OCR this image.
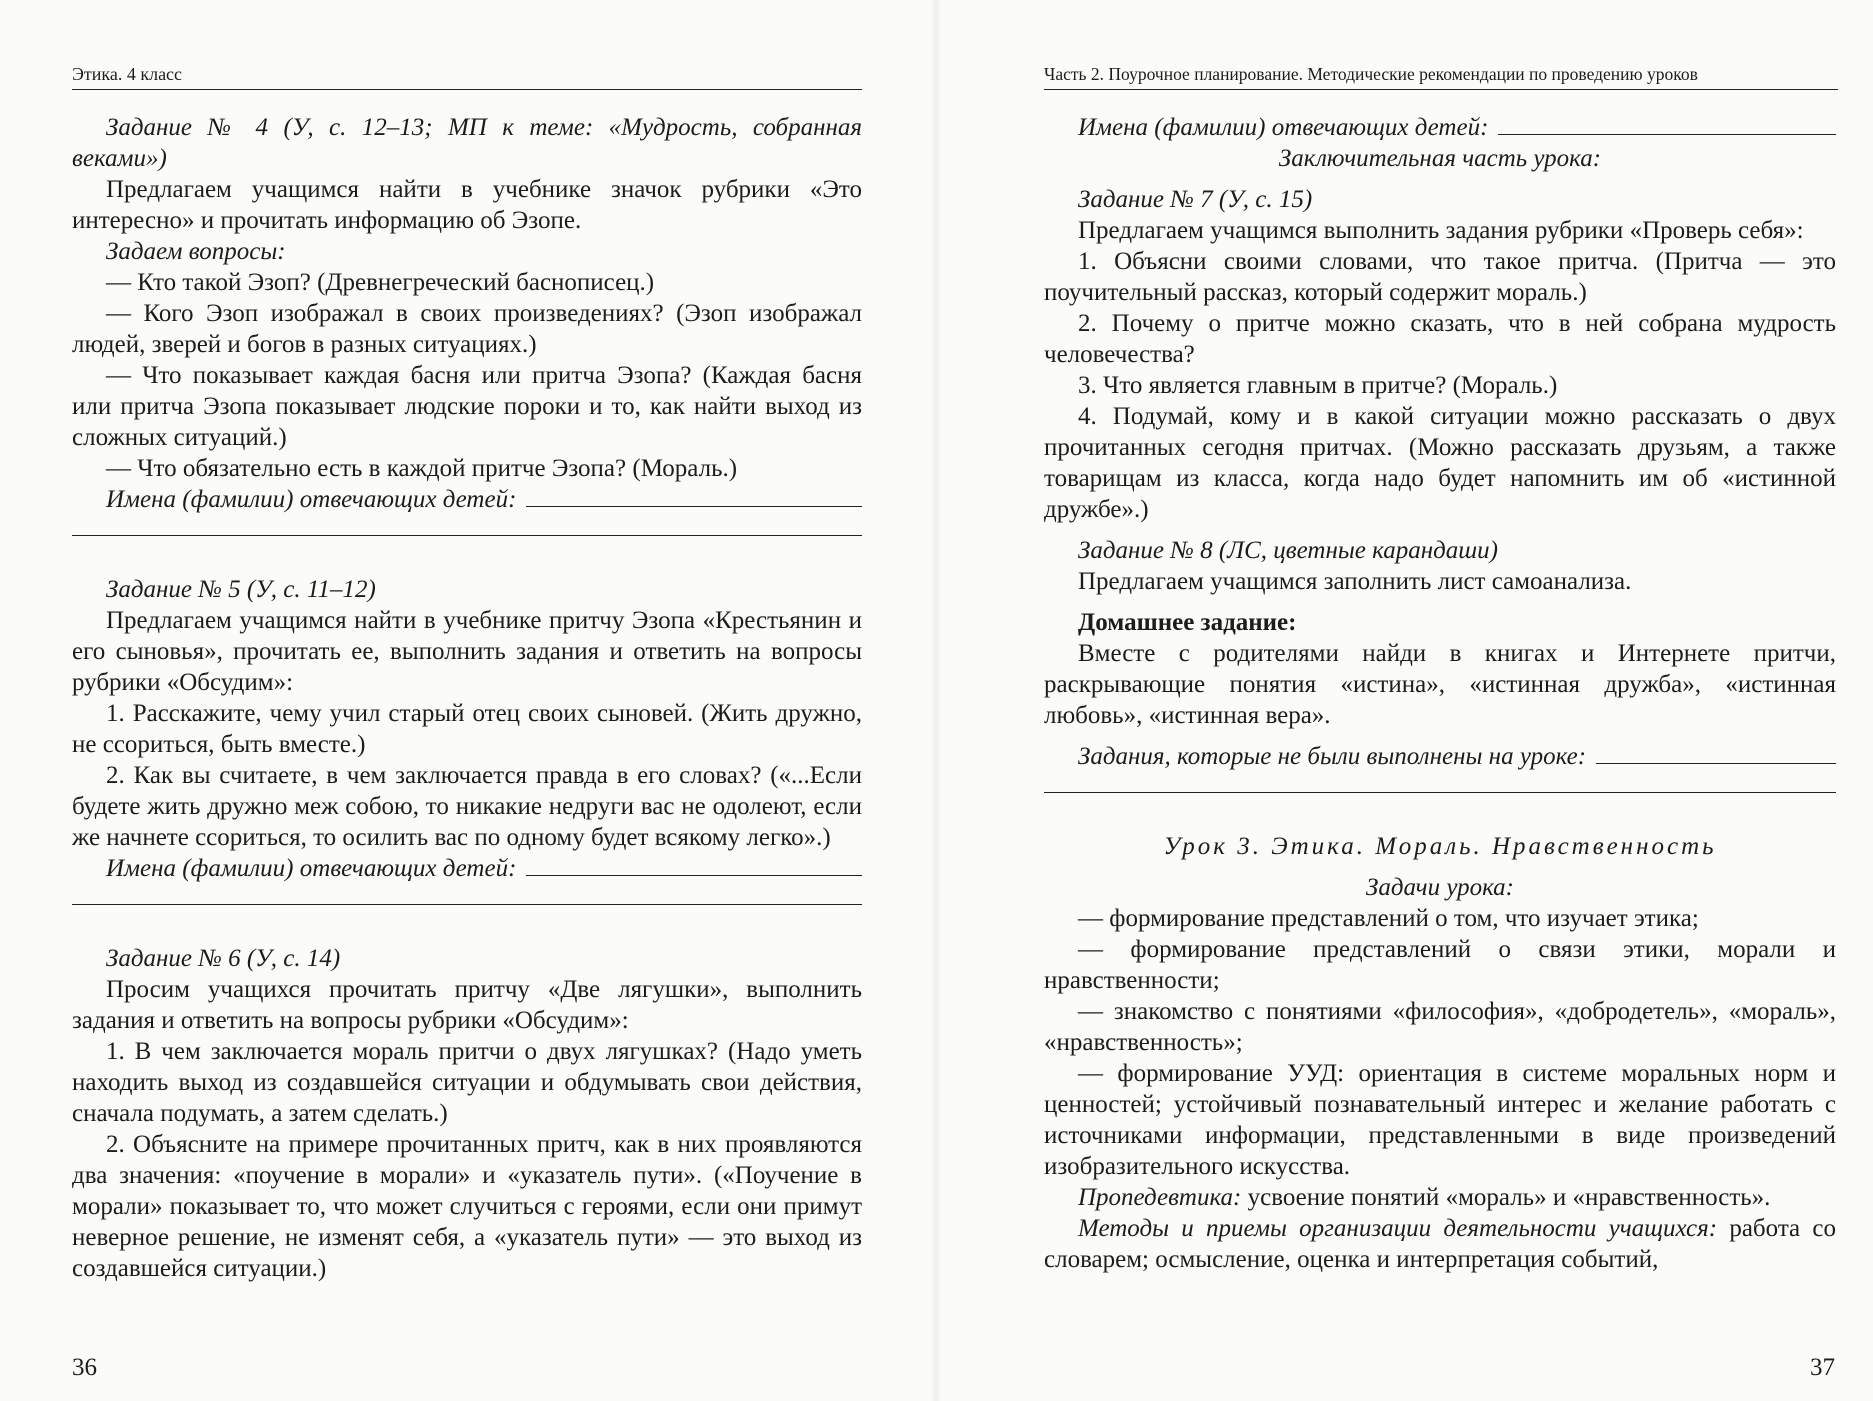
Этика. 4 класс

Задание № 4 (У, с. 12–13; МП к теме: «Мудрость, собранная веками»)

Предлагаем учащимся найти в учебнике значок рубрики «Это интересно» и прочитать информацию об Эзопе.

Задаем вопросы:

— Кто такой Эзоп? (Древнегреческий баснописец.)

— Кого Эзоп изображал в своих произведениях? (Эзоп изображал людей, зверей и богов в разных ситуациях.)

— Что показывает каждая басня или притча Эзопа? (Каждая басня или притча Эзопа показывает людские пороки и то, как найти выход из сложных ситуаций.)

— Что обязательно есть в каждой притче Эзопа? (Мораль.)

Имена (фамилии) отвечающих детей:

Задание № 5 (У, с. 11–12)

Предлагаем учащимся найти в учебнике притчу Эзопа «Крестьянин и его сыновья», прочитать ее, выполнить задания и ответить на вопросы рубрики «Обсудим»:

1. Расскажите, чему учил старый отец своих сыновей. (Жить дружно, не ссориться, быть вместе.)

2. Как вы считаете, в чем заключается правда в его словах? («...Если будете жить дружно меж собою, то никакие недруги вас не одолеют, если же начнете ссориться, то осилить вас по одному будет всякому легко».)

Имена (фамилии) отвечающих детей:

Задание № 6 (У, с. 14)

Просим учащихся прочитать притчу «Две лягушки», выполнить задания и ответить на вопросы рубрики «Обсудим»:

1. В чем заключается мораль притчи о двух лягушках? (Надо уметь находить выход из создавшейся ситуации и обдумывать свои действия, сначала подумать, а затем сделать.)

2. Объясните на примере прочитанных притч, как в них проявляются два значения: «поучение в морали» и «указатель пути». («Поучение в морали» показывает то, что может случиться с героями, если они примут неверное решение, не изменят себя, а «указатель пути» — это выход из создавшейся ситуации.)

36
Часть 2. Поурочное планирование. Методические рекомендации по проведению уроков
Имена (фамилии) отвечающих детей:

Заключительная часть урока:

Задание № 7 (У, с. 15)

Предлагаем учащимся выполнить задания рубрики «Проверь себя»:

1. Объясни своими словами, что такое притча. (Притча — это поучительный рассказ, который содержит мораль.)

2. Почему о притче можно сказать, что в ней собрана мудрость человечества?

3. Что является главным в притче? (Мораль.)

4. Подумай, кому и в какой ситуации можно рассказать о двух прочитанных сегодня притчах. (Можно рассказать друзьям, а также товарищам из класса, когда надо будет напомнить им об «истинной дружбе».)

Задание № 8 (ЛС, цветные карандаши)

Предлагаем учащимся заполнить лист самоанализа.

Домашнее задание:

Вместе с родителями найди в книгах и Интернете притчи, раскрывающие понятия «истина», «истинная дружба», «истинная любовь», «истинная вера».

Задания, которые не были выполнены на уроке:
Урок 3. Этика. Мораль. Нравственность

Задачи урока:

— формирование представлений о том, что изучает этика;

— формирование представлений о связи этики, морали и нравственности;

— знакомство с понятиями «философия», «добродетель», «мораль», «нравственность»;

— формирование УУД: ориентация в системе моральных норм и ценностей; устойчивый познавательный интерес и желание работать с источниками информации, представленными в виде произведений изобразительного искусства.

Пропедевтика: усвоение понятий «мораль» и «нравственность».

Методы и приемы организации деятельности учащихся: работа со словарем; осмысление, оценка и интерпретация событий,

37
